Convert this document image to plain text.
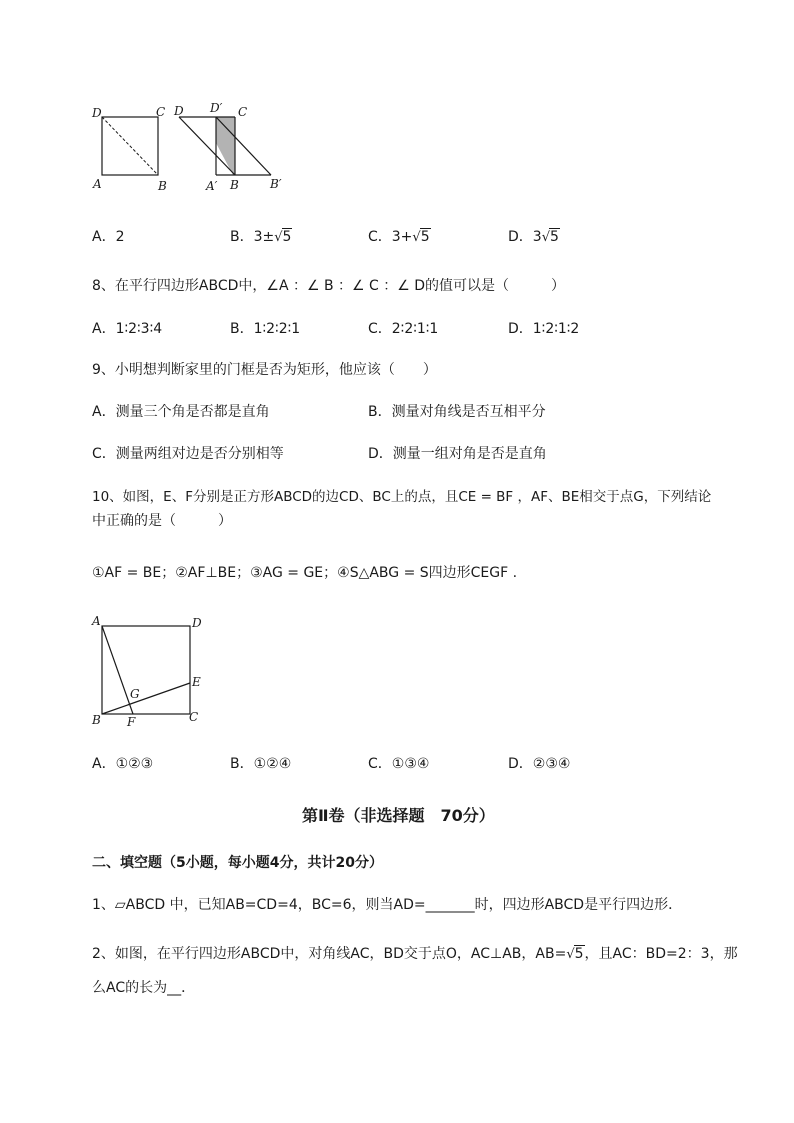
D	C
A	B
D D′ C
A′ B	B′
A．2	B．3±√5	C．3+√5	D．3√5
8、在平行四边形ABCD中，∠A ：∠ B ：∠ C ：∠ D的值可以是（　　　）
A．1∶2∶3∶4	B．1∶2∶2∶1	C．2∶2∶1∶1	D．1∶2∶1∶2
9、小明想判断家里的门框是否为矩形，他应该（　　）
A．测量三个角是否都是直角	B．测量对角线是否互相平分
C．测量两组对边是否分别相等	D．测量一组对角是否是直角
10、如图，E、F分别是正方形ABCD的边CD、BC上的点，且CE = BF ，AF、BE相交于点G，下列结论
中正确的是（　　　）
①AF = BE；②AF⊥BE；③AG = GE；④S△ABG = S四边形CEGF .
A	D
E
G
B F	C
A．①②③	B．①②④	C．①③④	D．②③④
第Ⅱ卷（非选择题　70分）
二、填空题（5小题，每小题4分，共计20分）
1、▱ABCD 中，已知AB=CD=4，BC=6，则当AD=_______时，四边形ABCD是平行四边形．
2、如图，在平行四边形ABCD中，对角线AC，BD交于点O，AC⊥AB，AB=√5，且AC：BD=2：3，那
么AC的长为__．
